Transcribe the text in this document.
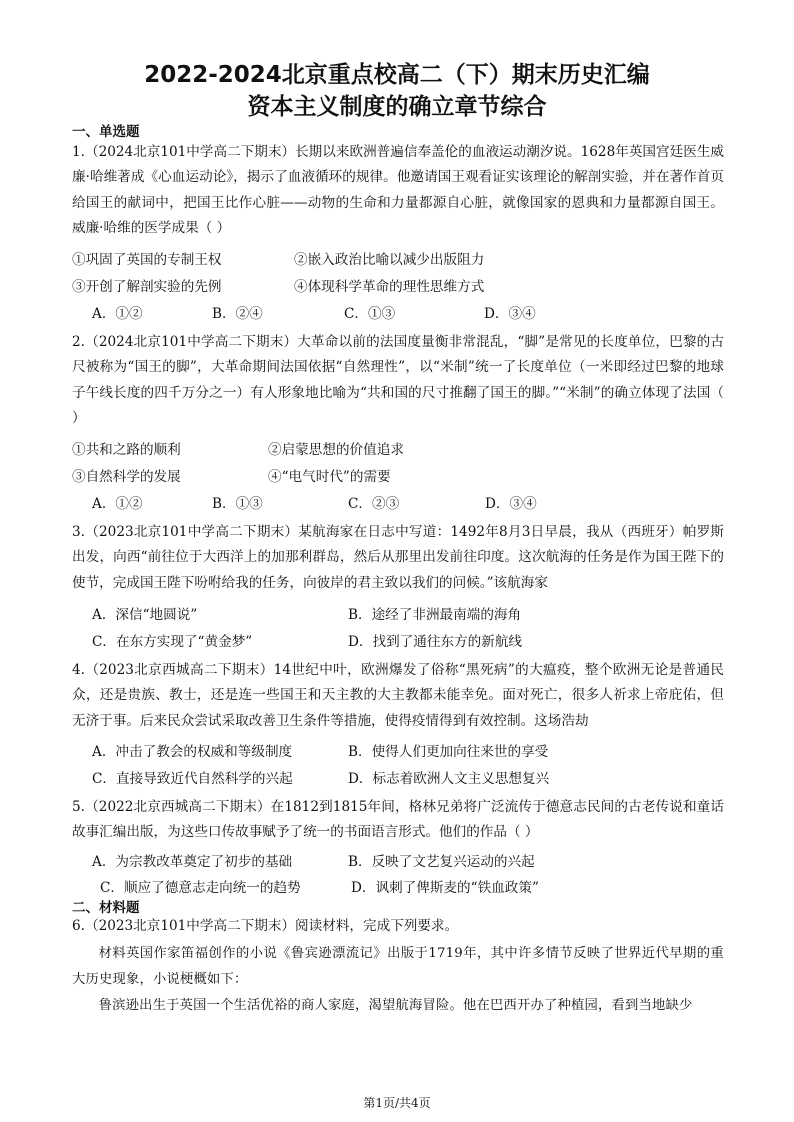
2022-2024北京重点校高二（下）期末历史汇编
资本主义制度的确立章节综合
一、单选题

1.（2024北京101中学高二下期末）长期以来欧洲普遍信奉盖伦的血液运动潮汐说。1628年英国宫廷医生威廉·哈维著成《心血运动论》，揭示了血液循环的规律。他邀请国王观看证实该理论的解剖实验，并在著作首页给国王的献词中，把国王比作心脏——动物的生命和力量都源自心脏，就像国家的恩典和力量都源自国王。威廉·哈维的医学成果（ ）

①巩固了英国的专制王权	②嵌入政治比喻以减少出版阻力
③开创了解剖实验的先例	④体现科学革命的理性思维方式
A．①②	B．②④	C．①③	D．③④

2.（2024北京101中学高二下期末）大革命以前的法国度量衡非常混乱，“脚”是常见的长度单位，巴黎的古尺被称为“国王的脚”，大革命期间法国依据“自然理性”，以“米制”统一了长度单位（一米即经过巴黎的地球子午线长度的四千万分之一）有人形象地比喻为“共和国的尺寸推翻了国王的脚。”“米制”的确立体现了法国（ ）

①共和之路的顺利	②启蒙思想的价值追求
③自然科学的发展	④“电气时代”的需要
A．①②	B．①③	C．②③	D．③④

3.（2023北京101中学高二下期末）某航海家在日志中写道：1492年8月3日早晨，我从（西班牙）帕罗斯出发，向西“前往位于大西洋上的加那利群岛，然后从那里出发前往印度。这次航海的任务是作为国王陛下的使节，完成国王陛下吩咐给我的任务，向彼岸的君主致以我们的问候。”该航海家

A．深信“地圆说”	B．途经了非洲最南端的海角
C．在东方实现了“黄金梦”	D．找到了通往东方的新航线

4.（2023北京西城高二下期末）14世纪中叶，欧洲爆发了俗称“黑死病”的大瘟疫，整个欧洲无论是普通民众，还是贵族、教士，还是连一些国王和天主教的大主教都未能幸免。面对死亡，很多人祈求上帝庇佑，但无济于事。后来民众尝试采取改善卫生条件等措施，使得疫情得到有效控制。这场浩劫

A．冲击了教会的权威和等级制度	B．使得人们更加向往来世的享受
C．直接导致近代自然科学的兴起	D．标志着欧洲人文主义思想复兴

5.（2022北京西城高二下期末）在1812到1815年间，格林兄弟将广泛流传于德意志民间的古老传说和童话故事汇编出版，为这些口传故事赋予了统一的书面语言形式。他们的作品（ ）

A．为宗教改革奠定了初步的基础	B．反映了文艺复兴运动的兴起
C．顺应了德意志走向统一的趋势	D．讽刺了俾斯麦的“铁血政策”
二、材料题
6.（2023北京101中学高二下期末）阅读材料，完成下列要求。

材料英国作家笛福创作的小说《鲁宾逊漂流记》出版于1719年，其中许多情节反映了世界近代早期的重大历史现象，小说梗概如下：

鲁滨逊出生于英国一个生活优裕的商人家庭，渴望航海冒险。他在巴西开办了种植园，看到当地缺少

第1页/共4页
